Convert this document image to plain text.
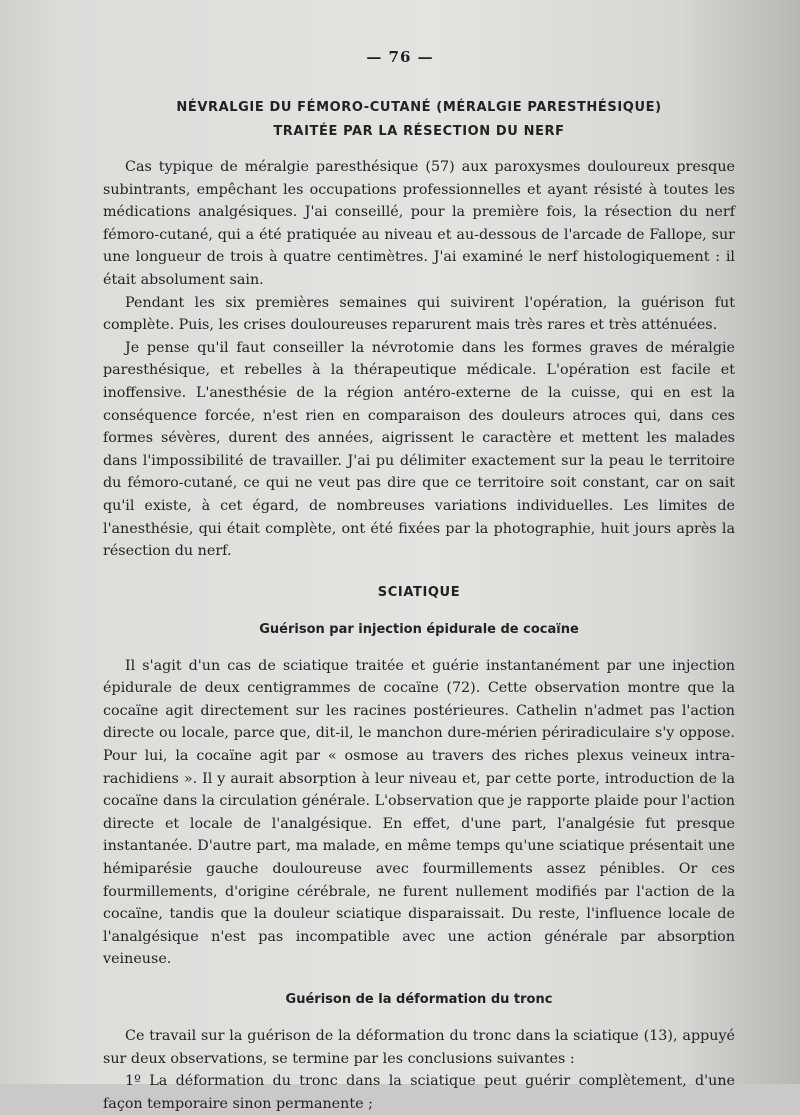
— 76 —
NÉVRALGIE DU FÉMORO-CUTANÉ (MÉRALGIE PARESTHÉSIQUE)
TRAITÉE PAR LA RÉSECTION DU NERF

Cas typique de méralgie paresthésique (57) aux paroxysmes douloureux presque subintrants, empêchant les occupations professionnelles et ayant résisté à toutes les médications analgésiques. J'ai conseillé, pour la première fois, la résection du nerf fémoro-cutané, qui a été pratiquée au niveau et au-dessous de l'arcade de Fallope, sur une longueur de trois à quatre centimètres. J'ai examiné le nerf histologiquement : il était absolument sain.

Pendant les six premières semaines qui suivirent l'opération, la guérison fut complète. Puis, les crises douloureuses reparurent mais très rares et très atténuées.

Je pense qu'il faut conseiller la névrotomie dans les formes graves de méralgie paresthésique, et rebelles à la thérapeutique médicale. L'opération est facile et inoffensive. L'anesthésie de la région antéro-externe de la cuisse, qui en est la conséquence forcée, n'est rien en comparaison des douleurs atroces qui, dans ces formes sévères, durent des années, aigrissent le caractère et mettent les malades dans l'impossibilité de travailler. J'ai pu délimiter exactement sur la peau le territoire du fémoro-cutané, ce qui ne veut pas dire que ce territoire soit constant, car on sait qu'il existe, à cet égard, de nombreuses variations individuelles. Les limites de l'anesthésie, qui était complète, ont été fixées par la photographie, huit jours après la résection du nerf.

SCIATIQUE
Guérison par injection épidurale de cocaïne

Il s'agit d'un cas de sciatique traitée et guérie instantanément par une injection épidurale de deux centigrammes de cocaïne (72). Cette observation montre que la cocaïne agit directement sur les racines postérieures. Cathelin n'admet pas l'action directe ou locale, parce que, dit-il, le manchon dure-mérien périradiculaire s'y oppose. Pour lui, la cocaïne agit par « osmose au travers des riches plexus veineux intra-rachidiens ». Il y aurait absorption à leur niveau et, par cette porte, introduction de la cocaïne dans la circulation générale. L'observation que je rapporte plaide pour l'action directe et locale de l'analgésique. En effet, d'une part, l'analgésie fut presque instantanée. D'autre part, ma malade, en même temps qu'une sciatique présentait une hémiparésie gauche douloureuse avec fourmillements assez pénibles. Or ces fourmillements, d'origine cérébrale, ne furent nullement modifiés par l'action de la cocaïne, tandis que la douleur sciatique disparaissait. Du reste, l'influence locale de l'analgésique n'est pas incompatible avec une action générale par absorption veineuse.

Guérison de la déformation du tronc

Ce travail sur la guérison de la déformation du tronc dans la sciatique (13), appuyé sur deux observations, se termine par les conclusions suivantes :

1º La déformation du tronc dans la sciatique peut guérir complètement, d'une façon temporaire sinon permanente ;
